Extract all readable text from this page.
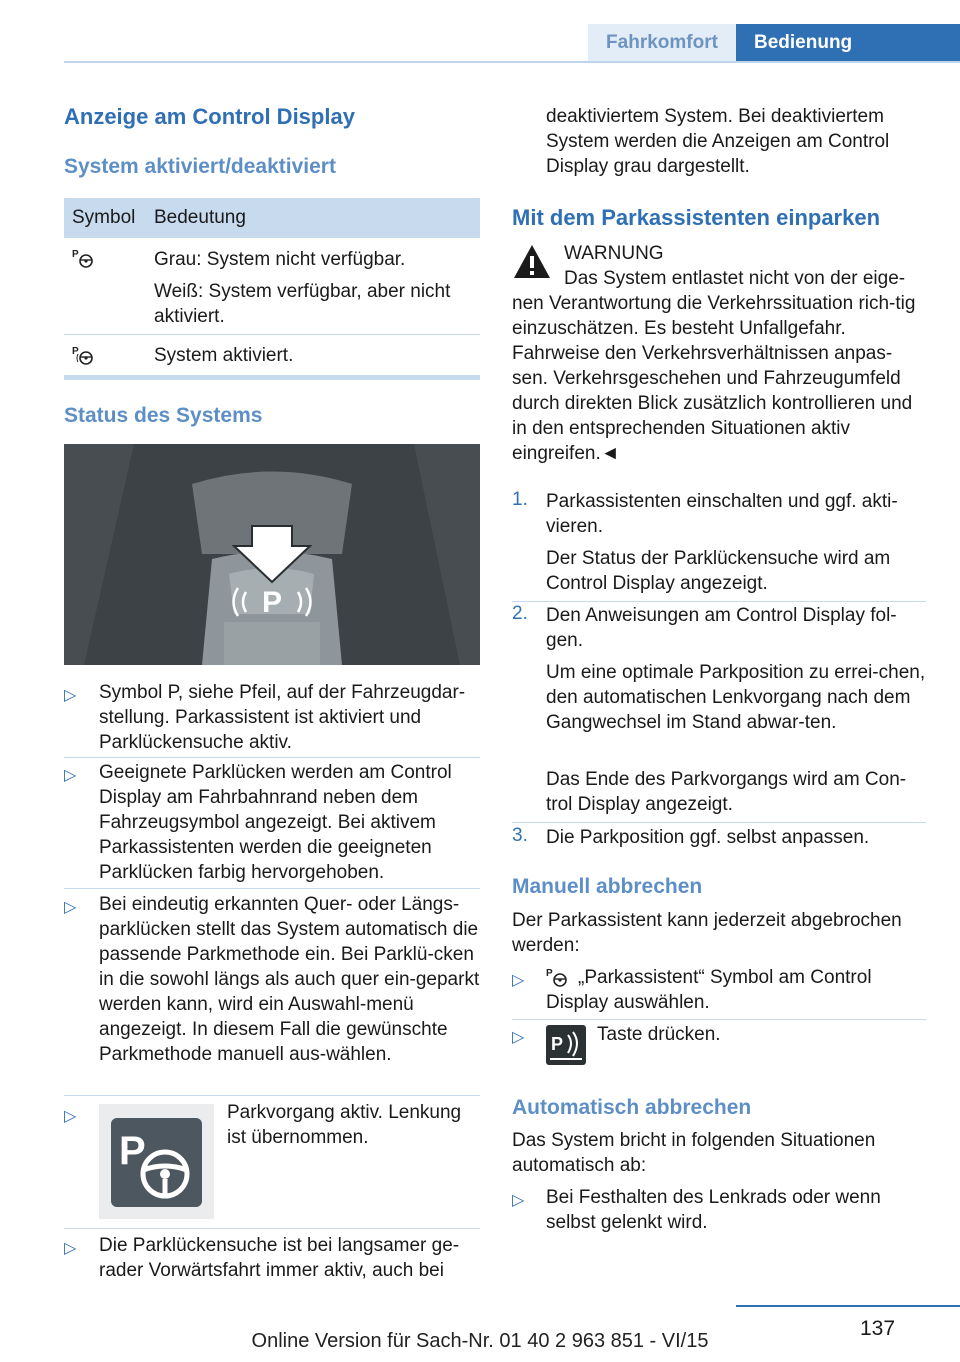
Fahrkomfort	Bedienung
Anzeige am Control Display
System aktiviert/deaktiviert
Symbol Bedeutung
P	Grau: System nicht verfügbar.
Weiß: System verfügbar, aber nicht aktiviert.
P	System aktiviert.
Status des Systems
P
▷ Symbol P, siehe Pfeil, auf der Fahrzeugdar-stellung. Parkassistent ist aktiviert und Parklückensuche aktiv.
▷ Geeignete Parklücken werden am Control Display am Fahrbahnrand neben dem Fahrzeugsymbol angezeigt. Bei aktivem Parkassistenten werden die geeigneten Parklücken farbig hervorgehoben.
▷ Bei eindeutig erkannten Quer- oder Längs-parklücken stellt das System automatisch die passende Parkmethode ein. Bei Parklü-cken in die sowohl längs als auch quer ein-geparkt werden kann, wird ein Auswahl-menü angezeigt. In diesem Fall die gewünschte Parkmethode manuell aus-wählen.
▷
P
Parkvorgang aktiv. Lenkung
ist übernommen.
▷ Die Parklückensuche ist bei langsamer ge-rader Vorwärtsfahrt immer aktiv, auch bei
deaktiviertem System. Bei deaktiviertem System werden die Anzeigen am Control Display grau dargestellt.
Mit dem Parkassistenten einparken
WARNUNG
Das System entlastet nicht von der eige-
nen Verantwortung die Verkehrssituation rich-tig einzuschätzen. Es besteht Unfallgefahr. Fahrweise den Verkehrsverhältnissen anpas-sen. Verkehrsgeschehen und Fahrzeugumfeld durch direkten Blick zusätzlich kontrollieren und in den entsprechenden Situationen aktiv eingreifen.◄
1. Parkassistenten einschalten und ggf. akti-vieren.
Der Status der Parklückensuche wird am Control Display angezeigt.
2. Den Anweisungen am Control Display fol-gen.
Um eine optimale Parkposition zu errei-chen, den automatischen Lenkvorgang nach dem Gangwechsel im Stand abwar-ten.
Das Ende des Parkvorgangs wird am Con-trol Display angezeigt.
3. Die Parkposition ggf. selbst anpassen.
Manuell abbrechen
Der Parkassistent kann jederzeit abgebrochen werden:
▷ P „Parkassistent“ Symbol am Control
Display auswählen.
▷ P Taste drücken.
Automatisch abbrechen
Das System bricht in folgenden Situationen automatisch ab:
▷ Bei Festhalten des Lenkrads oder wenn selbst gelenkt wird.
137
Online Version für Sach-Nr. 01 40 2 963 851 - VI/15
